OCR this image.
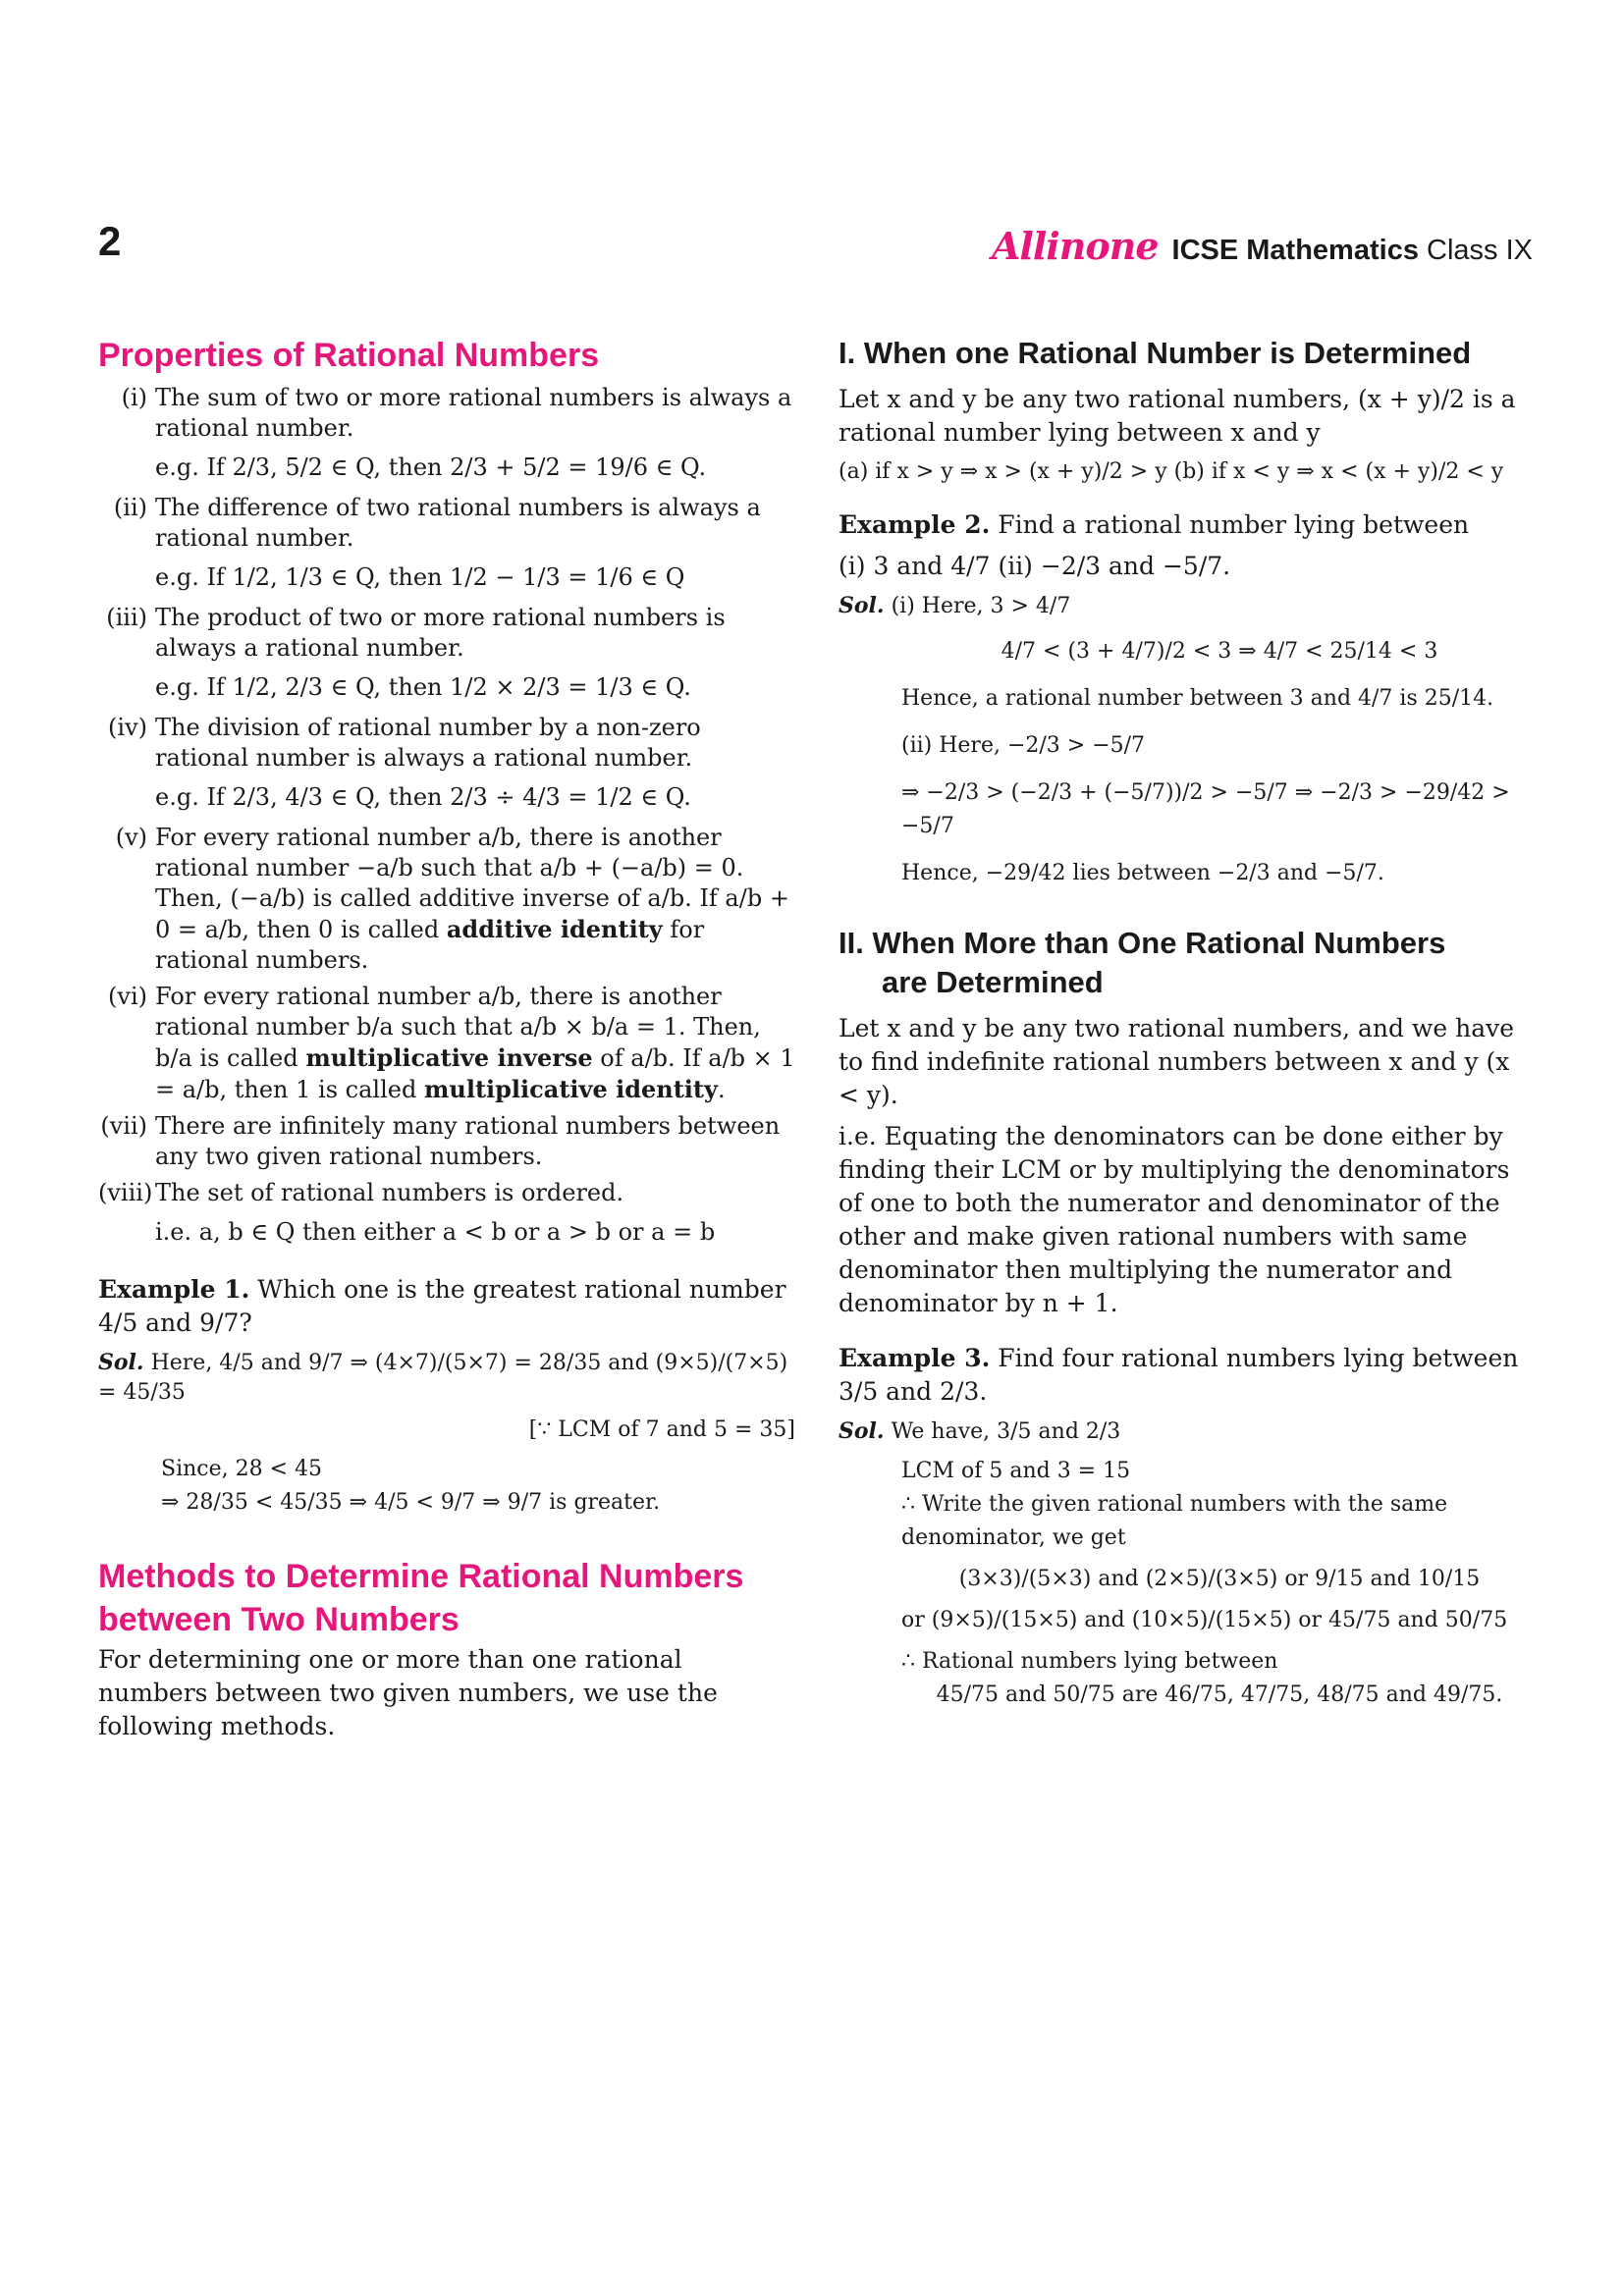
2	Allinone ICSE Mathematics Class IX
Properties of Rational Numbers
(i) The sum of two or more rational numbers is always a rational number.
e.g. If 2/3, 5/2 ∈ Q, then 2/3 + 5/2 = 19/6 ∈ Q.
(ii) The difference of two rational numbers is always a rational number.
e.g. If 1/2, 1/3 ∈ Q, then 1/2 − 1/3 = 1/6 ∈ Q
(iii) The product of two or more rational numbers is always a rational number.
e.g. If 1/2, 2/3 ∈ Q, then 1/2 × 2/3 = 1/3 ∈ Q.
(iv) The division of rational number by a non-zero rational number is always a rational number.
e.g. If 2/3, 4/3 ∈ Q, then 2/3 ÷ 4/3 = 1/2 ∈ Q.
(v) For every rational number a/b, there is another rational number −a/b such that a/b + (−a/b) = 0. Then, (−a/b) is called additive inverse of a/b. If a/b + 0 = a/b, then 0 is called additive identity for rational numbers.
(vi) For every rational number a/b, there is another rational number b/a such that a/b × b/a = 1. Then, b/a is called multiplicative inverse of a/b. If a/b × 1 = a/b, then 1 is called multiplicative identity.
(vii) There are infinitely many rational numbers between any two given rational numbers.
(viii) The set of rational numbers is ordered.
i.e. a, b ∈ Q then either a < b or a > b or a = b

Example 1. Which one is the greatest rational number 4/5 and 9/7?

Sol. Here, 4/5 and 9/7 ⇒ (4×7)/(5×7) = 28/35 and (9×5)/(7×5) = 45/35

[∵ LCM of 7 and 5 = 35]

Since, 28 < 45
⇒ 28/35 < 45/35 ⇒ 4/5 < 9/7 ⇒ 9/7 is greater.
Methods to Determine Rational Numbers
between Two Numbers

For determining one or more than one rational numbers between two given numbers, we use the following methods.

I. When one Rational Number is Determined

Let x and y be any two rational numbers, (x + y)/2 is a rational number lying between x and y

(a) if x > y ⇒ x > (x + y)/2 > y (b) if x < y ⇒ x < (x + y)/2 < y

Example 2. Find a rational number lying between

(i) 3 and 4/7 (ii) −2/3 and −5/7.

Sol. (i) Here, 3 > 4/7

4/7 < (3 + 4/7)/2 < 3 ⇒ 4/7 < 25/14 < 3
Hence, a rational number between 3 and 4/7 is 25/14.
(ii) Here, −2/3 > −5/7
⇒ −2/3 > (−2/3 + (−5/7))/2 > −5/7 ⇒ −2/3 > −29/42 > −5/7
Hence, −29/42 lies between −2/3 and −5/7.
II. When More than One Rational Numbers
are Determined

Let x and y be any two rational numbers, and we have to find indefinite rational numbers between x and y (x < y).

i.e. Equating the denominators can be done either by finding their LCM or by multiplying the denominators of one to both the numerator and denominator of the other and make given rational numbers with same denominator then multiplying the numerator and denominator by n + 1.

Example 3. Find four rational numbers lying between 3/5 and 2/3.

Sol. We have, 3/5 and 2/3

LCM of 5 and 3 = 15
∴ Write the given rational numbers with the same denominator, we get
(3×3)/(5×3) and (2×5)/(3×5) or 9/15 and 10/15
or (9×5)/(15×5) and (10×5)/(15×5) or 45/75 and 50/75
∴ Rational numbers lying between
45/75 and 50/75 are 46/75, 47/75, 48/75 and 49/75.
